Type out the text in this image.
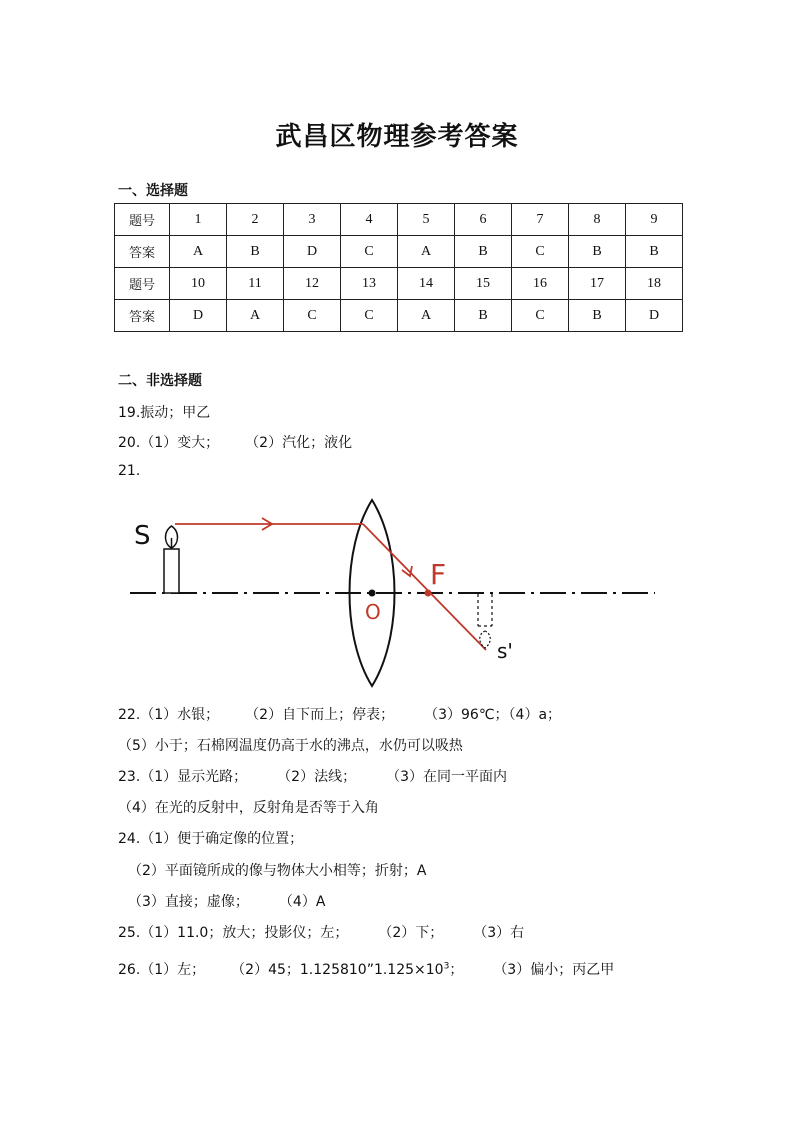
武昌区物理参考答案
一、选择题
题号	1	2	3	4	5	6	7	8	9
答案	A	B	D	C	A	B	C	B	B
题号	10	11	12	13	14	15	16	17	18
答案	D	A	C	C	A	B	C	B	D
二、非选择题
19.振动；甲乙
20.（1）变大； （2）汽化；液化
21.
S
O
F
s'
22.（1）水银； （2）自下而上；停表； （3）96℃；（4）a；
（5）小于；石棉网温度仍高于水的沸点，水仍可以吸热
23.（1）显示光路； （2）法线； （3）在同一平面内
（4）在光的反射中，反射角是否等于入角
24.（1）便于确定像的位置；
（2）平面镜所成的像与物体大小相等；折射；A
（3）直接；虚像； （4）A
25.（1）11.0；放大；投影仪；左； （2）下； （3）右
26.（1）左； （2）45；$1.125810”1.125\times 10^3$； （3）偏小；丙乙甲
